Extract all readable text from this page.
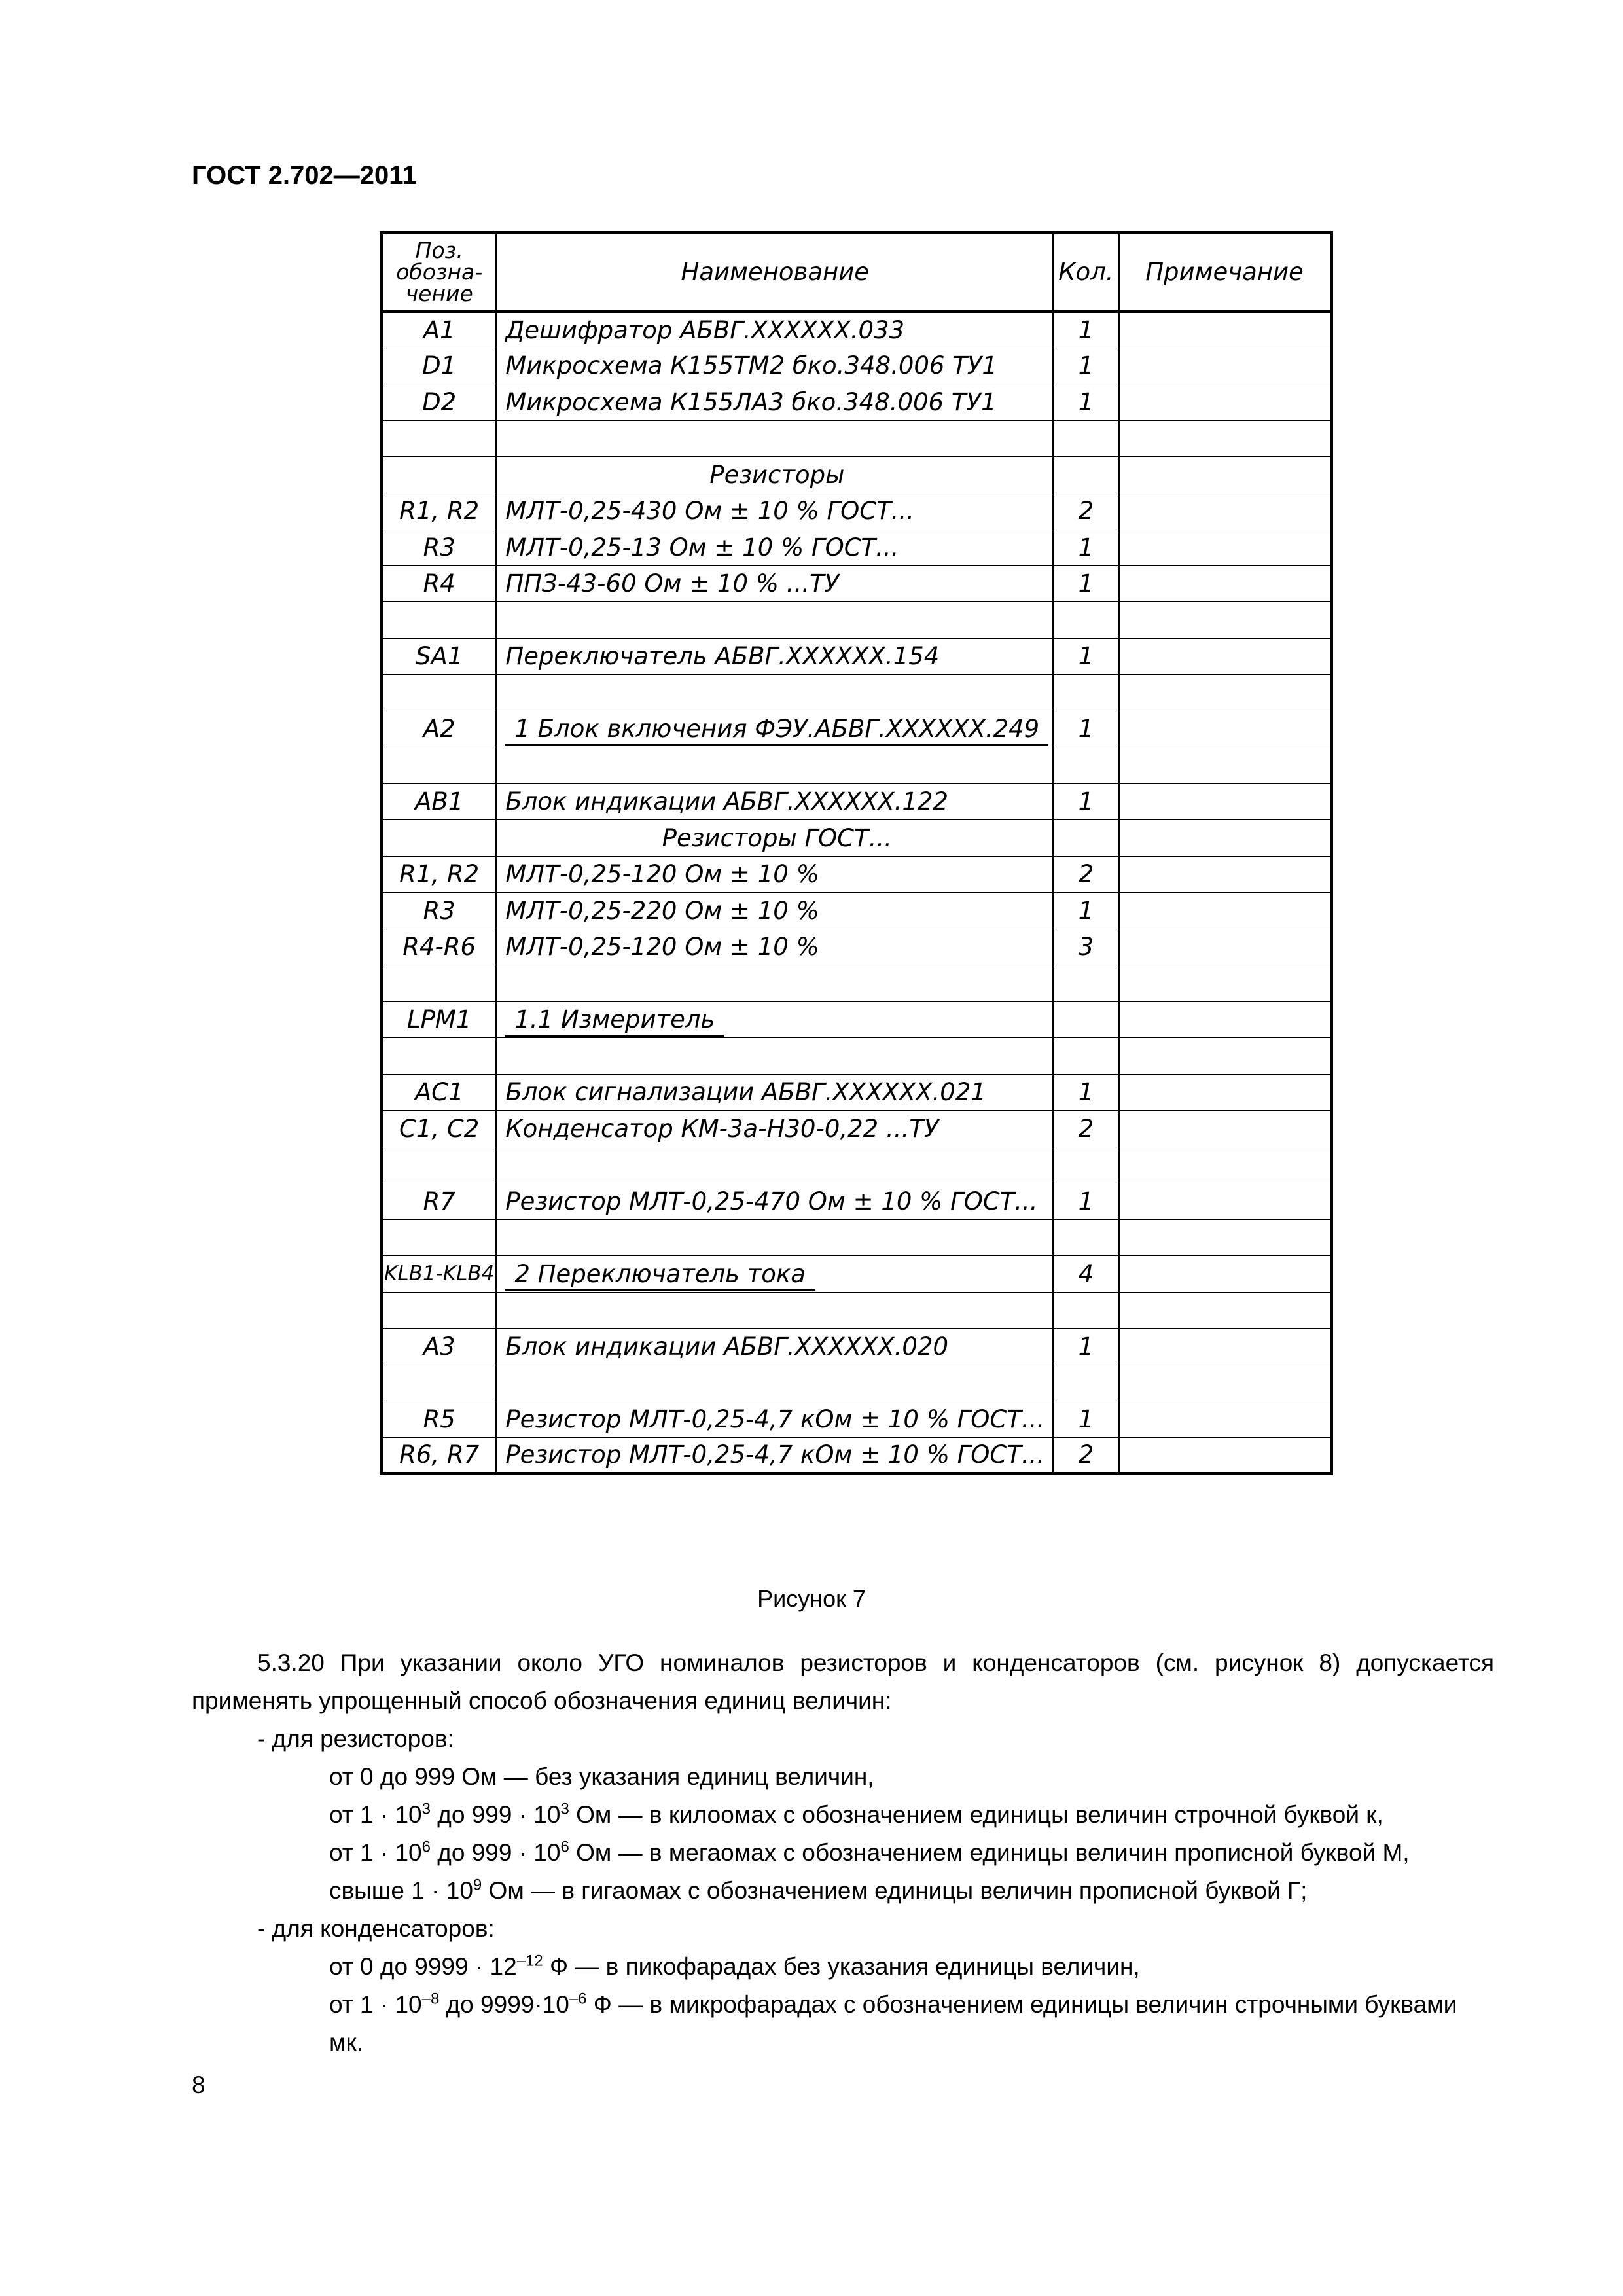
ГОСТ 2.702—2011
Поз.
обозна-
чение	Наименование	Кол.	Примечание
A1	Дешифратор АБВГ.XXXXXX.033	1	
D1	Микросхема К155ТМ2 бко.348.006 ТУ1	1	
D2	Микросхема К155ЛА3 бко.348.006 ТУ1	1	

	Резисторы		
R1, R2	МЛТ-0,25-430 Ом ± 10 % ГОСТ...	2	
R3	МЛТ-0,25-13 Ом ± 10 % ГОСТ...	1	
R4	ППЗ-43-60 Ом ± 10 % ...ТУ	1	

SA1	Переключатель АБВГ.XXXXXX.154	1	

A2	1 Блок включения ФЭУ.АБВГ.XXXXXX.249	1	

AB1	Блок индикации АБВГ.XXXXXX.122	1	
	Резисторы ГОСТ...		
R1, R2	МЛТ-0,25-120 Ом ± 10 %	2	
R3	МЛТ-0,25-220 Ом ± 10 %	1	
R4-R6	МЛТ-0,25-120 Ом ± 10 %	3	

LPM1	1.1 Измеритель		

AC1	Блок сигнализации АБВГ.XXXXXX.021	1	
C1, C2	Конденсатор КМ-3а-Н30-0,22 ...ТУ	2	

R7	Резистор МЛТ-0,25-470 Ом ± 10 % ГОСТ...	1	

KLB1-KLB4	2 Переключатель тока	4	

A3	Блок индикации АБВГ.XXXXXX.020	1	

R5	Резистор МЛТ-0,25-4,7 кОм ± 10 % ГОСТ...	1	
R6, R7	Резистор МЛТ-0,25-4,7 кОм ± 10 % ГОСТ...	2	
Рисунок 7

5.3.20 При указании около УГО номиналов резисторов и конденсаторов (см. рисунок 8) допускается применять упрощенный способ обозначения единиц величин:

- для резисторов:

от 0 до 999 Ом — без указания единиц величин,

от $1 \cdot 10^3$ до $999 \cdot 10^3$ Ом — в килоомах с обозначением единицы величин строчной буквой к,

от $1 \cdot 10^6$ до $999 \cdot 10^6$ Ом — в мегаомах с обозначением единицы величин прописной буквой М,

свыше $1 \cdot 10^9$ Ом — в гигаомах с обозначением единицы величин прописной буквой Г;

- для конденсаторов:

от 0 до $9999 \cdot 12^{-12}$ Ф — в пикофарадах без указания единицы величин,

от $1 \cdot 10^{-8}$ до $9999\cdot 10^{-6}$ Ф — в микрофарадах с обозначением единицы величин строчными буквами мк.

8
